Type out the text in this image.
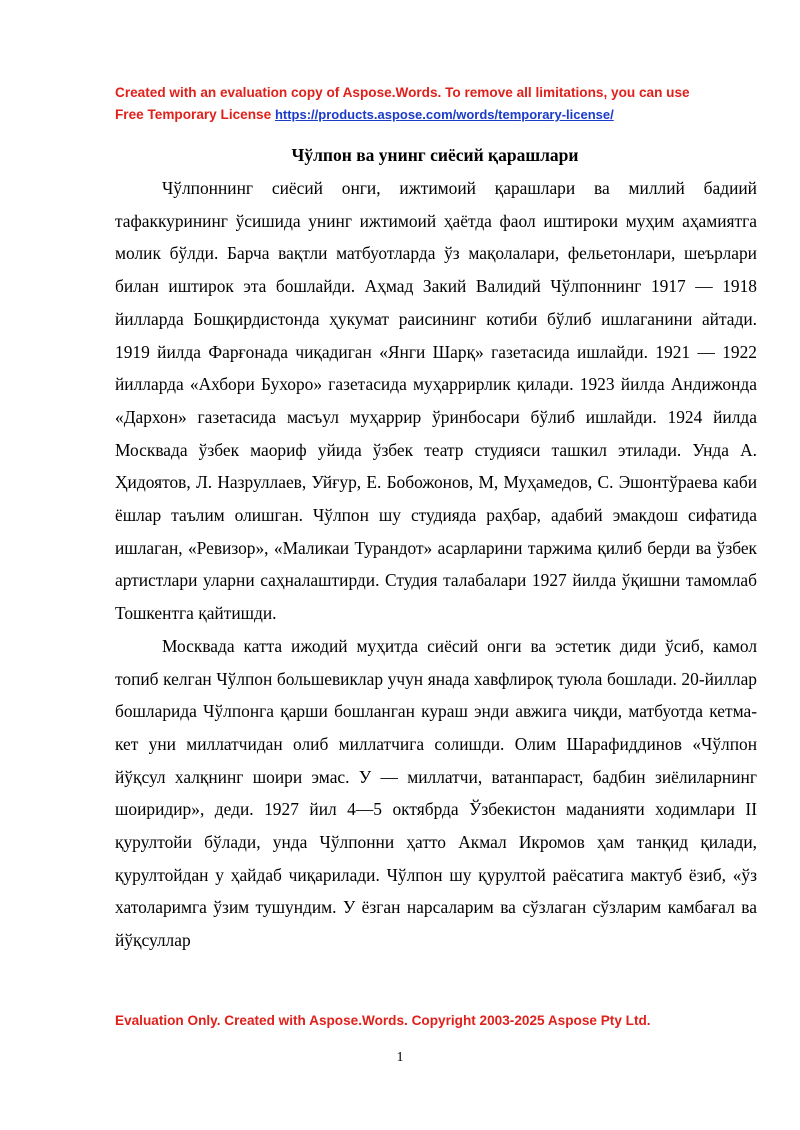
Created with an evaluation copy of Aspose.Words. To remove all limitations, you can use
Free Temporary License https://products.aspose.com/words/temporary-license/
Чўлпон ва унинг сиёсий қарашлари

Чўлпоннинг сиёсий онги, ижтимоий қарашлари ва миллий бадиий тафаккурининг ўсишида унинг ижтимоий ҳаётда фаол иштироки муҳим аҳамиятга молик бўлди. Барча вақтли матбуотларда ўз мақолалари, фельетонлари, шеърлари билан иштирок эта бошлайди. Аҳмад Закий Валидий Чўлпоннинг 1917 — 1918 йилларда Бошқирдистонда ҳукумат раисининг котиби бўлиб ишлаганини айтади. 1919 йилда Фарғонада чиқадиган «Янги Шарқ» газетасида ишлайди. 1921 — 1922 йилларда «Ахбори Бухоро» газетасида муҳаррирлик қилади. 1923 йилда Андижонда «Дархон» газетасида масъул муҳаррир ўринбосари бўлиб ишлайди. 1924 йилда Москвада ўзбек маориф уйида ўзбек театр студияси ташкил этилади. Унда А. Ҳидоятов, Л. Назруллаев, Уйғур, Е. Бобожонов, М, Муҳамедов, С. Эшонтўраева каби ёшлар таълим олишган. Чўлпон шу студияда раҳбар, адабий эмакдош сифатида ишлаган, «Ревизор», «Маликаи Турандот» асарларини таржима қилиб берди ва ўзбек артистлари уларни саҳналаштирди. Студия талабалари 1927 йилда ўқишни тамомлаб Тошкентга қайтишди.

Москвада катта ижодий муҳитда сиёсий онги ва эстетик диди ўсиб, камол топиб келган Чўлпон большевиклар учун янада хавфлироқ туюла бошлади. 20-йиллар бошларида Чўлпонга қарши бошланган кураш энди авжига чиқди, матбуотда кетма-кет уни миллатчидан олиб миллатчига солишди. Олим Шарафиддинов «Чўлпон йўқсул халқнинг шоири эмас. У — миллатчи, ватанпараст, бадбин зиёлиларнинг шоиридир», деди. 1927 йил 4—5 октябрда Ўзбекистон маданияти ходимлари II қурултойи бўлади, унда Чўлпонни ҳатто Акмал Икромов ҳам танқид қилади, қурултойдан у ҳайдаб чиқарилади. Чўлпон шу қурултой раёсатига мактуб ёзиб, «ўз хатоларимга ўзим тушундим. У ёзган нарсаларим ва сўзлаган сўзларим камбағал ва йўқсуллар

Evaluation Only. Created with Aspose.Words. Copyright 2003-2025 Aspose Pty Ltd.
1
